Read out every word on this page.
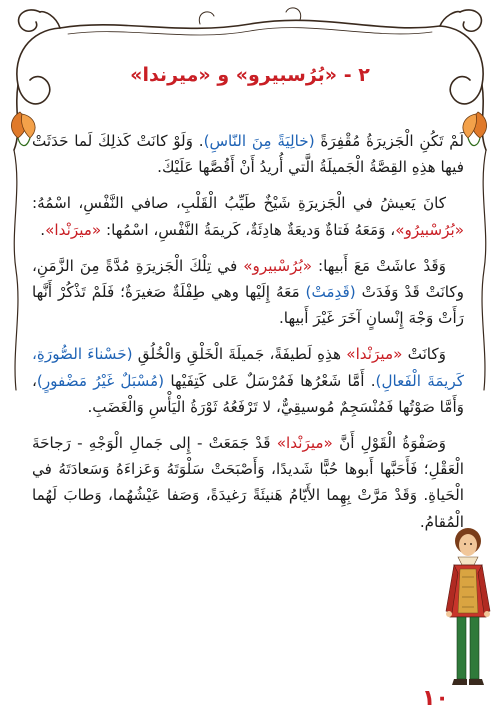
٢ - «بُرُسبيرو» و «ميرندا»

لَمْ تَكُنِ الْجَزيرَةُ مُقْفِرَةً (خالِيَةً مِنَ النّاسِ). وَلَوْ كانَتْ كَذلِكَ لَما حَدَثَتْ فيها هذِهِ القِصَّةُ الْجَميلَةُ الَّتي أُريدُ أَنْ أَقُصَّها عَلَيْكَ.

كانَ يَعيشُ في الْجَزيرَةِ شَيْخٌ طَيِّبُ الْقَلْبِ، صافي النَّفْسِ، اسْمُهُ: «بُرُسْبيرُو»، وَمَعَهُ فَتاةٌ وَديعَةٌ هادِئَةٌ، كَريمَةُ النَّفْسِ، اسْمُها: «ميرَنْدا».

وَقَدْ عاشَتْ مَعَ أَبيها: «بُرُسْبيرو» في تِلْكَ الْجَزيرَةِ مُدَّةً مِنَ الزَّمَنِ، وكانَتْ قَدْ وَفَدَتْ (قَدِمَتْ) مَعَهُ إِلَيْها وهي طِفْلَةٌ صَغيرَةٌ؛ فَلَمْ تَذْكُرْ أَنَّها رَأَتْ وَجْهَ إِنْسانٍ آخَرَ غَيْرَ أَبيها.

وَكانَتْ «ميرَنْدا» هذِهِ لَطيفَةً، جَميلَةَ الْخَلْقِ وَالْخُلُقِ (حَسْناءَ الصُّورَةِ، كَريمَةَ الْفَعالِ). أَمَّا شَعْرُها فَمُرْسَلٌ عَلى كَتِفَيْها (مُسْبَلٌ غَيْرُ مَضْفورٍ)، وَأَمَّا صَوْتُها فَمُنْسَجِمٌ مُوسيقِيٌّ، لا تَرْفَعُهُ ثَوْرَةُ الْيَأْسِ وَالْغَضَبِ.

وَصَفْوَةُ الْقَوْلِ أَنَّ «ميرَنْدا» قَدْ جَمَعَتْ - إِلى جَمالِ الْوَجْهِ - رَجاحَةَ الْعَقْلِ؛ فَأَحَبَّها أَبوها حُبًّا شَديدًا، وَأَصْبَحَتْ سَلْوَتَهُ وَعَزاءَهُ وَسَعادَتَهُ في الْحَياةِ. وَقَدْ مَرَّتْ بِهِما الأَيّامُ هَنيئَةً رَغيدَةً، وَصَفا عَيْشُهُما، وَطابَ لَهُما الْمُقامُ.

١٠
